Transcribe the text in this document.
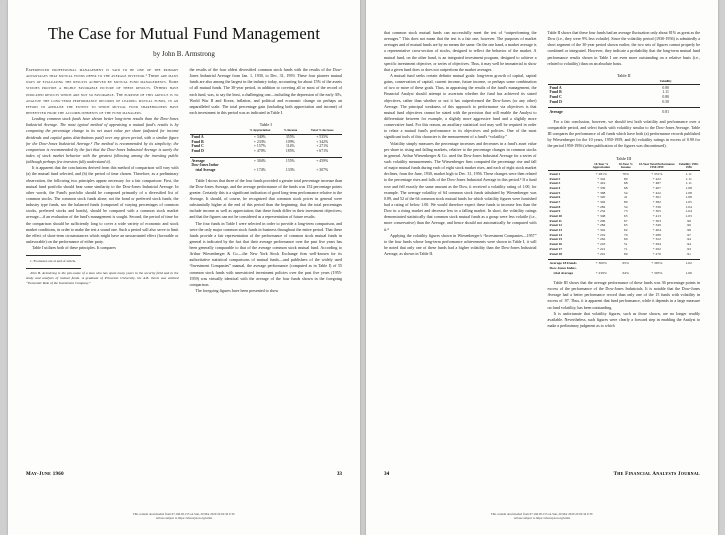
The Case for Mutual Fund Management
by John B. Armstrong

Experienced professional management is said to be one of the primary advantages that mutual funds offer to the average investor.¹ There are many ways of evaluating the results achieved by mutual fund managements. Some studies provide a highly favorable picture of these results. Others have indicated results which are not so favorable. The purpose of this article is to analyze the long-term performance records of leading mutual funds, in an effort to appraise the extent to which mutual fund shareholders have benefitted from the accomplishments of the fund managers.

Leading common stock funds have shown better long-term results than the Dow-Jones Industrial Average. The most typical method of appraising a mutual fund's results is by comparing the percentage change in its net asset value per share (adjusted for income dividends and capital gains distributions paid) over any given period, with a similar figure for the Dow-Jones Industrial Average.² The method is recommended by its simplicity; the comparison is recommended by the fact that the Dow-Jones Industrial Average is surely the index of stock market behavior with the greatest following among the investing public (although perhaps few investors fully understand it).

It is apparent that the conclusions derived from this method of comparison will vary with (a) the mutual fund selected, and (b) the period of time chosen. Therefore, as a preliminary observation, the following two principles appear necessary for a fair comparison: First, the mutual fund portfolio should bear some similarity to the Dow-Jones Industrial Average. In other words, the Fund's portfolio should be composed primarily of a diversified list of common stocks. The common stock funds alone, not the bond or preferred stock funds, the industry type funds, nor the balanced funds (composed of varying percentages of common stocks, preferred stocks and bonds), should be compared with a common stock market average—if an evaluation of the fund's management is sought. Second, the period of time for the comparison should be sufficiently long to cover a wide variety of economic and stock market conditions, in order to make the test a sound one. Such a period will also serve to limit the effect of short-term circumstances which might have an unwarranted effect (favorable or unfavorable) on the performance of either party.

Table I utilizes both of these principles. It compares

1. Footnotes are at end of article.

John B. Armstrong is the pen-name of a man who has spent many years in the security field and in the study and analysis of mutual funds. A graduate of Princeton University, his A.B. thesis was entitled “Economic Role of the Investment Company.”

the results of the four oldest diversified common stock funds with the results of the Dow-Jones Industrial Average from Jan. 1, 1930, to Dec. 31, 1959. These four pioneer mutual funds are also among the largest in the industry today, accounting for about 15% of the assets of all mutual funds. The 30-year period, in addition to covering all or most of the record of each fund, was, to say the least, a challenging one—including the depression of the early 30's, World War II and Korea, inflation, and political and economic change on perhaps an unparalleled scale. The total percentage gain (including both appreciation and income) of each investment in this period was as indicated in Table I.

Table I
	% Appreciation	% Income	Total % Increase
Fund A	+ 340%	355%	+ 535%
Fund B	+ 233%	109%	+ 342%
Fund C	+ 157%	114%	+ 271%
Fund D	+ 470%	185%	+ 671%

Average	+ 304%	155%	+ 459%
Dow-Jones Indus-			
trial Average	+ 174%	133%	+ 307%

Table I shows that three of the four funds provided a greater total percentage increase than the Dow-Jones Average, and the average performance of the funds was 152 percentage points greater. Certainly this is a significant indication of good long-term performance relative to the Average. It should, of course, be recognized that common stock prices in general were substantially higher at the end of this period than the beginning; that the total percentages include income as well as appreciation; that these funds differ in their investment objectives; and that the figures can not be considered as a representation of future results.

The four funds in Table I were selected in order to provide a long-term comparison, and were the only major common stock funds in business throughout the entire period. That these funds provide a fair representation of the performance of common stock mutual funds in general is indicated by the fact that their average performance over the past five years has been generally comparable to that of the average common stock mutual fund. According to Arthur Wiesenberger & Co.—the New York Stock Exchange firm well-known for its authoritative statistical comparisons of mutual funds—and publishers of the widely used “Investment Companies” manual, the average performance (computed as in Table I) of 55 common stock funds with unrestricted investment policies over the past five years (1955-1959) was virtually identical with the average of the four funds shown in the foregoing comparison.

The foregoing figures have been presented to show

May-June 1960	33
This content downloaded from 67.166.95.153 on Sun, 29 Mar 2020 22:02:34 UTC
All use subject to https://about.jstor.org/terms

that common stock mutual funds can successfully meet the test of “outperforming the averages.” This does not mean that the test is a fair one, however. The purposes of market averages and of mutual funds are by no means the same. On the one hand, a market average is a representative cross-section of stocks, designed to reflect the behavior of the market. A mutual fund, on the other hand, is an integrated investment program, designed to achieve a specific investment objective, or series of objectives. Thus, it may well be immaterial to show that a given fund does or does not outperform the market averages.

A mutual fund seeks certain definite mutual goals: long-term growth of capital, capital gains, conservation of capital, current income, future income, or perhaps some combination of two or more of these goals. Thus, in appraising the results of the fund's management, the Financial Analyst should attempt to ascertain whether the fund has achieved its stated objectives, rather than whether or not it has outperformed the Dow-Jones (or any other) Average. The principal weakness of this approach to performance via objectives is that mutual fund objectives cannot be stated with the precision that will enable the Analyst to differentiate between for example, a slightly more aggressive fund and a slightly more conservative fund. For this reason, an auxiliary statistical tool may well be required in order to relate a mutual fund's performance to its objectives and policies. One of the most significant tools of this character is the measurement of a fund's “volatility.”

Volatility simply measures the percentage increases and decreases in a fund's asset value per share in rising and falling markets, relative to the percentage changes in common stocks in general. Arthur Wiesenberger & Co. used the Dow-Jones Industrial Average for a series of such volatility measurements. The Wiesenberger firm computed the percentage rise and fall of major mutual funds during each of eight stock market rises, and each of eight stock market declines, from the June, 1930, market high to Dec. 31, 1956. These changes were then related to the percentage rises and falls of the Dow-Jones Industrial Average in this period.³ If a fund rose and fell exactly the same amount as the Dow, it received a volatility rating of 1.00, for example. The average volatility of 64 common stock funds tabulated by Wiesenberger was 0.89, and 52 of the 64 common stock mutual funds for which volatility figures were furnished had a rating of below 1.00. We would therefore expect these funds to increase less than the Dow in a rising market and decrease less in a falling market. In short, the volatility ratings demonstrated statistically that common stock mutual funds as a group were less volatile (i.e., more conservative) than the Average, and hence should not automatically be compared with it.⁴

Applying the volatility figures shown in Wiesenberger's “Investment Companies—1957” to the four funds whose long-term performance achievements were shown in Table I, it will be noted that only one of these funds had a higher volatility than the Dow-Jones Industrial Average, as shown in Table II.

Table II shows that these four funds had an average fluctuation only about 81% as great as the Dow (i.e., they were 9% less volatile). Since the volatility period (1930-1956) is admittedly a short segment of the 30-year period shown earlier, the two sets of figures cannot properly be combined or integrated. However, they indicate a probability that the long-term mutual fund performance results shown in Table I are even more outstanding on a relative basis (i.e., related to volatility) than on an absolute basis.

Table II
	Volatility
Fund A	0.80
Fund B	1.11
Fund C	0.80
Fund D	0.50

Average	0.81

For a fair conclusion, however, we should test both volatility and performance over a comparable period, and select funds with volatility similar to the Dow-Jones Average. Table III compares the performance of all funds which have both (a) performance records published by Wiesenberger for the 10 years, 1950-1959, and (b) volatility ratings in excess of 0.90 for the period 1950-1956 (when publication of the figures was discontinued).

Table III
	10-Year % Appreciation	10-Year % Income	10-Year Total Performance 1950-1959	Volatility 1950-1956
Fund 1	+ 281%	70%	+ 351%	1.11
Fund 2	+ 342	80	+ 422	1.11
Fund 3	+ 419	68	+ 487	1.11
Fund 4	+ 339	68	+ 407	1.08
Fund 5	+ 368	54	+ 422	1.08
Fund 6	+ 320	41	+ 361	1.08
Fund 7	+ 302	80	+ 382	1.05
Fund 8	+ 282	54	+ 336	1.04
Fund 9	+ 232	73	+ 305	1.04
Fund 10	+ 348	65	+ 413	1.03
Fund 11	+ 296	67	+ 363	.99
Fund 12	+ 284	65	+ 349	.99
Fund 13	+ 342	62	+ 404	.98
Fund 14	+ 219	70	+ 289	.97
Fund 15	+ 262	60	+ 322	.94
Fund 16	+ 243	51	+ 294	.94
Fund 17	+ 221	71	+ 292	.93
Fund 18	+ 201	69	+ 270	.91

Average 18 Funds	+ 300%	65%	+ 365%	1.02
Dow-Jones Indus-				
trial Average	+ 239%	64%	+ 303%	1.00

Table III shows that the average performance of these funds was 36 percentage points in excess of the performance of the Dow-Jones Industrials. It is notable that the Dow-Jones Average had a better performance record than only one of the 15 funds with volatility in excess of .97. Thus, it is apparent that fund performance, while it depends in a large measure on fund volatility, has been outstanding.

It is unfortunate that volatility figures, such as those shown, are no longer readily available. Nevertheless, such figures were clearly a forward step in enabling the Analyst to make a preliminary judgment as to which

34	The Financial Analysts Journal
This content downloaded from 67.166.95.153 on Sun, 29 Mar 2020 22:02:34 UTC
All use subject to https://about.jstor.org/terms
